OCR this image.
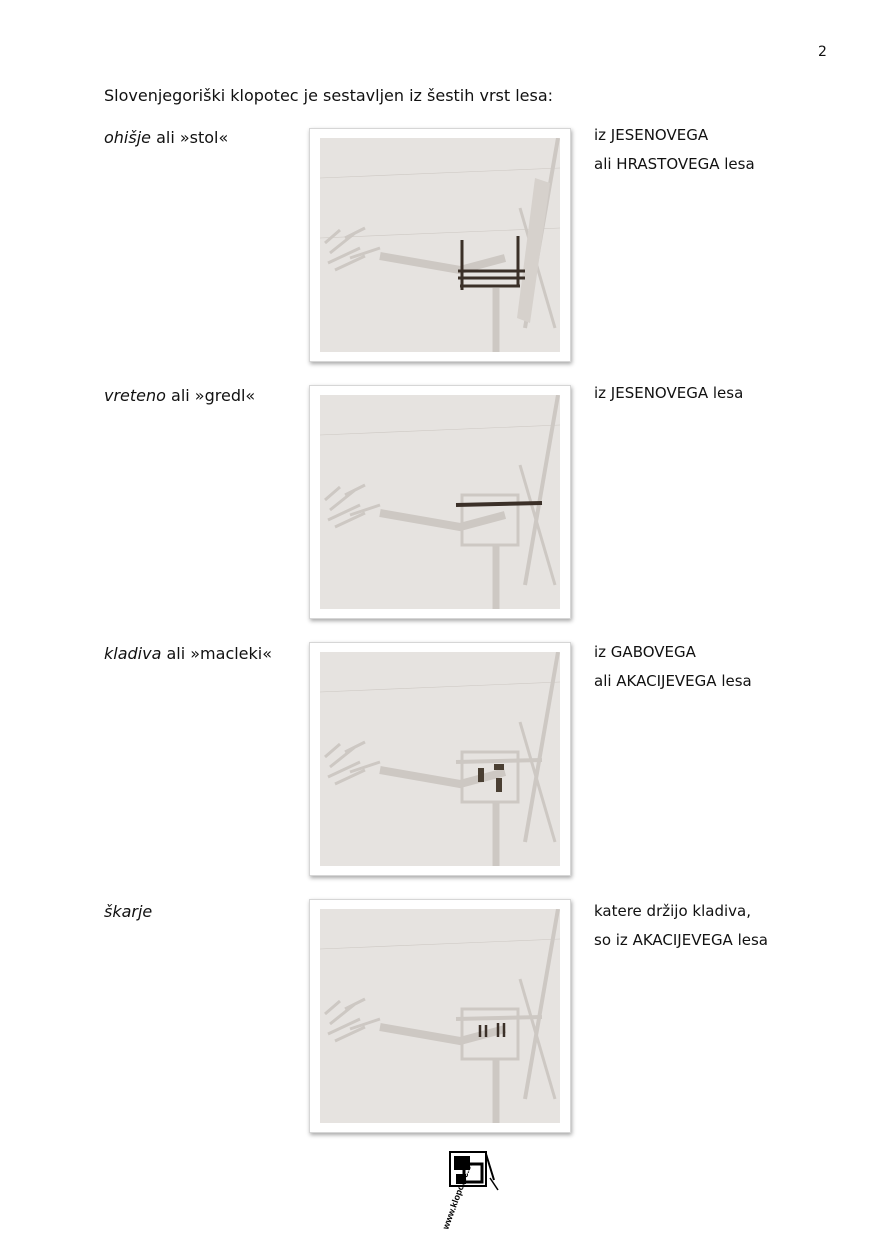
2
Slovenjegoriški klopotec je sestavljen iz šestih vrst lesa:
ohišje ali »stol«	iz JESENOVEGA
ali HRASTOVEGA lesa
vreteno ali »gredl«	iz JESENOVEGA lesa
kladiva ali »macleki«	iz GABOVEGA
ali AKACIJEVEGA lesa
škarje	katere držijo kladiva,
so iz AKACIJEVEGA lesa
www.klopotec.si
